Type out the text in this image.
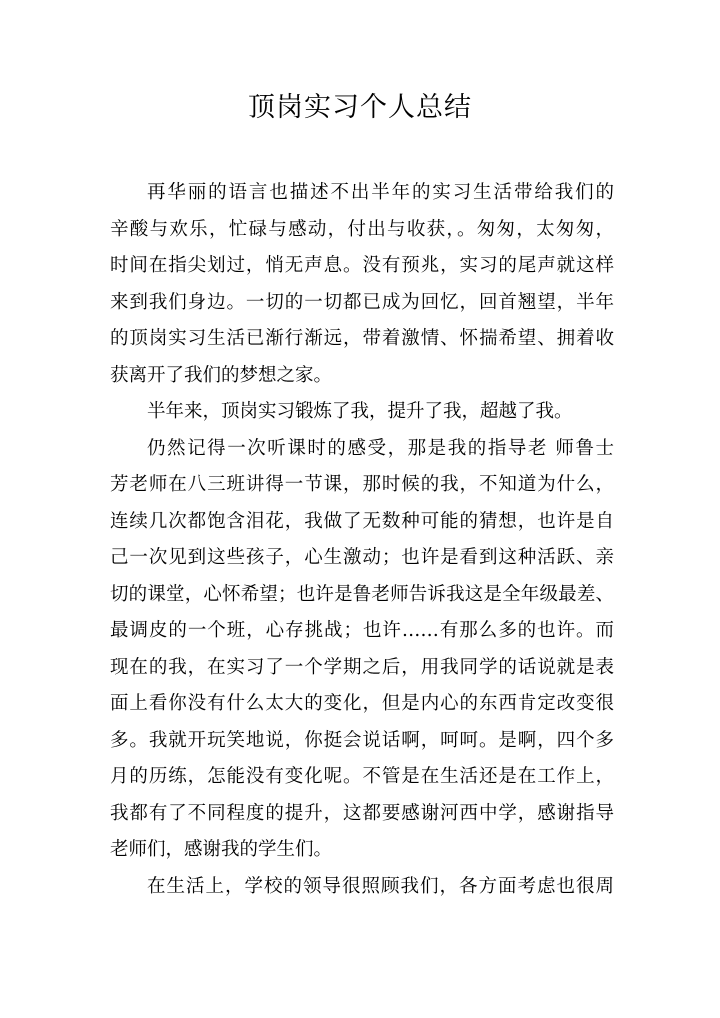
顶岗实习个人总结
再华丽的语言也描述不出半年的实习生活带给我们的
辛酸与欢乐，忙碌与感动，付出与收获，。匆匆，太匆匆，
时间在指尖划过，悄无声息。没有预兆，实习的尾声就这样
来到我们身边。一切的一切都已成为回忆，回首翘望，半年
的顶岗实习生活已渐行渐远，带着激情、怀揣希望、拥着收
获离开了我们的梦想之家。
半年来，顶岗实习锻炼了我，提升了我，超越了我。
仍然记得一次听课时的感受，那是我的指导老 师鲁士
芳老师在八三班讲得一节课，那时候的我，不知道为什么，
连续几次都饱含泪花，我做了无数种可能的猜想，也许是自
己一次见到这些孩子，心生激动；也许是看到这种活跃、亲
切的课堂，心怀希望；也许是鲁老师告诉我这是全年级最差、
最调皮的一个班，心存挑战；也许……有那么多的也许。而
现在的我，在实习了一个学期之后，用我同学的话说就是表
面上看你没有什么太大的变化，但是内心的东西肯定改变很
多。我就开玩笑地说，你挺会说话啊，呵呵。是啊，四个多
月的历练，怎能没有变化呢。不管是在生活还是在工作上，
我都有了不同程度的提升，这都要感谢河西中学，感谢指导
老师们，感谢我的学生们。
在生活上，学校的领导很照顾我们，各方面考虑也很周
